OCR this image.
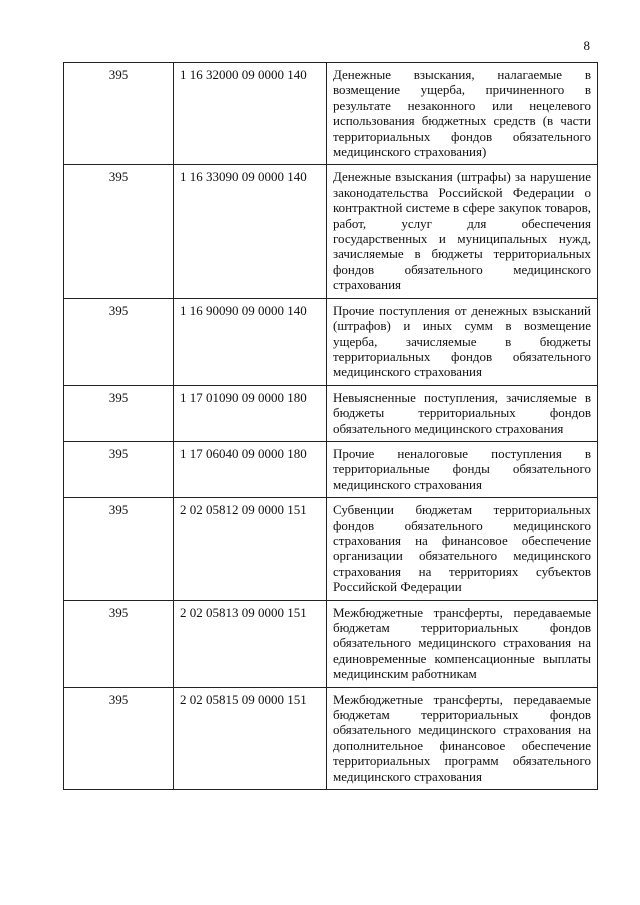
8
395	1 16 32000 09 0000 140	Денежные взыскания, налагаемые в возмещение ущерба, причиненного в результате незаконного или нецелевого использования бюджетных средств (в части территориальных фондов обязательного медицинского страхования)
395	1 16 33090 09 0000 140	Денежные взыскания (штрафы) за нарушение законодательства Российской Федерации о контрактной системе в сфере закупок товаров, работ, услуг для обеспечения государственных и муниципальных нужд, зачисляемые в бюджеты территориальных фондов обязательного медицинского страхования
395	1 16 90090 09 0000 140	Прочие поступления от денежных взысканий (штрафов) и иных сумм в возмещение ущерба, зачисляемые в бюджеты территориальных фондов обязательного медицинского страхования
395	1 17 01090 09 0000 180	Невыясненные поступления, зачисляемые в бюджеты территориальных фондов обязательного медицинского страхования
395	1 17 06040 09 0000 180	Прочие неналоговые поступления в территориальные фонды обязательного медицинского страхования
395	2 02 05812 09 0000 151	Субвенции бюджетам территориальных фондов обязательного медицинского страхования на финансовое обеспечение организации обязательного медицинского страхования на территориях субъектов Российской Федерации
395	2 02 05813 09 0000 151	Межбюджетные трансферты, передаваемые бюджетам территориальных фондов обязательного медицинского страхования на единовременные компенсационные выплаты медицинским работникам
395	2 02 05815 09 0000 151	Межбюджетные трансферты, передаваемые бюджетам территориальных фондов обязательного медицинского страхования на дополнительное финансовое обеспечение территориальных программ обязательного медицинского страхования
